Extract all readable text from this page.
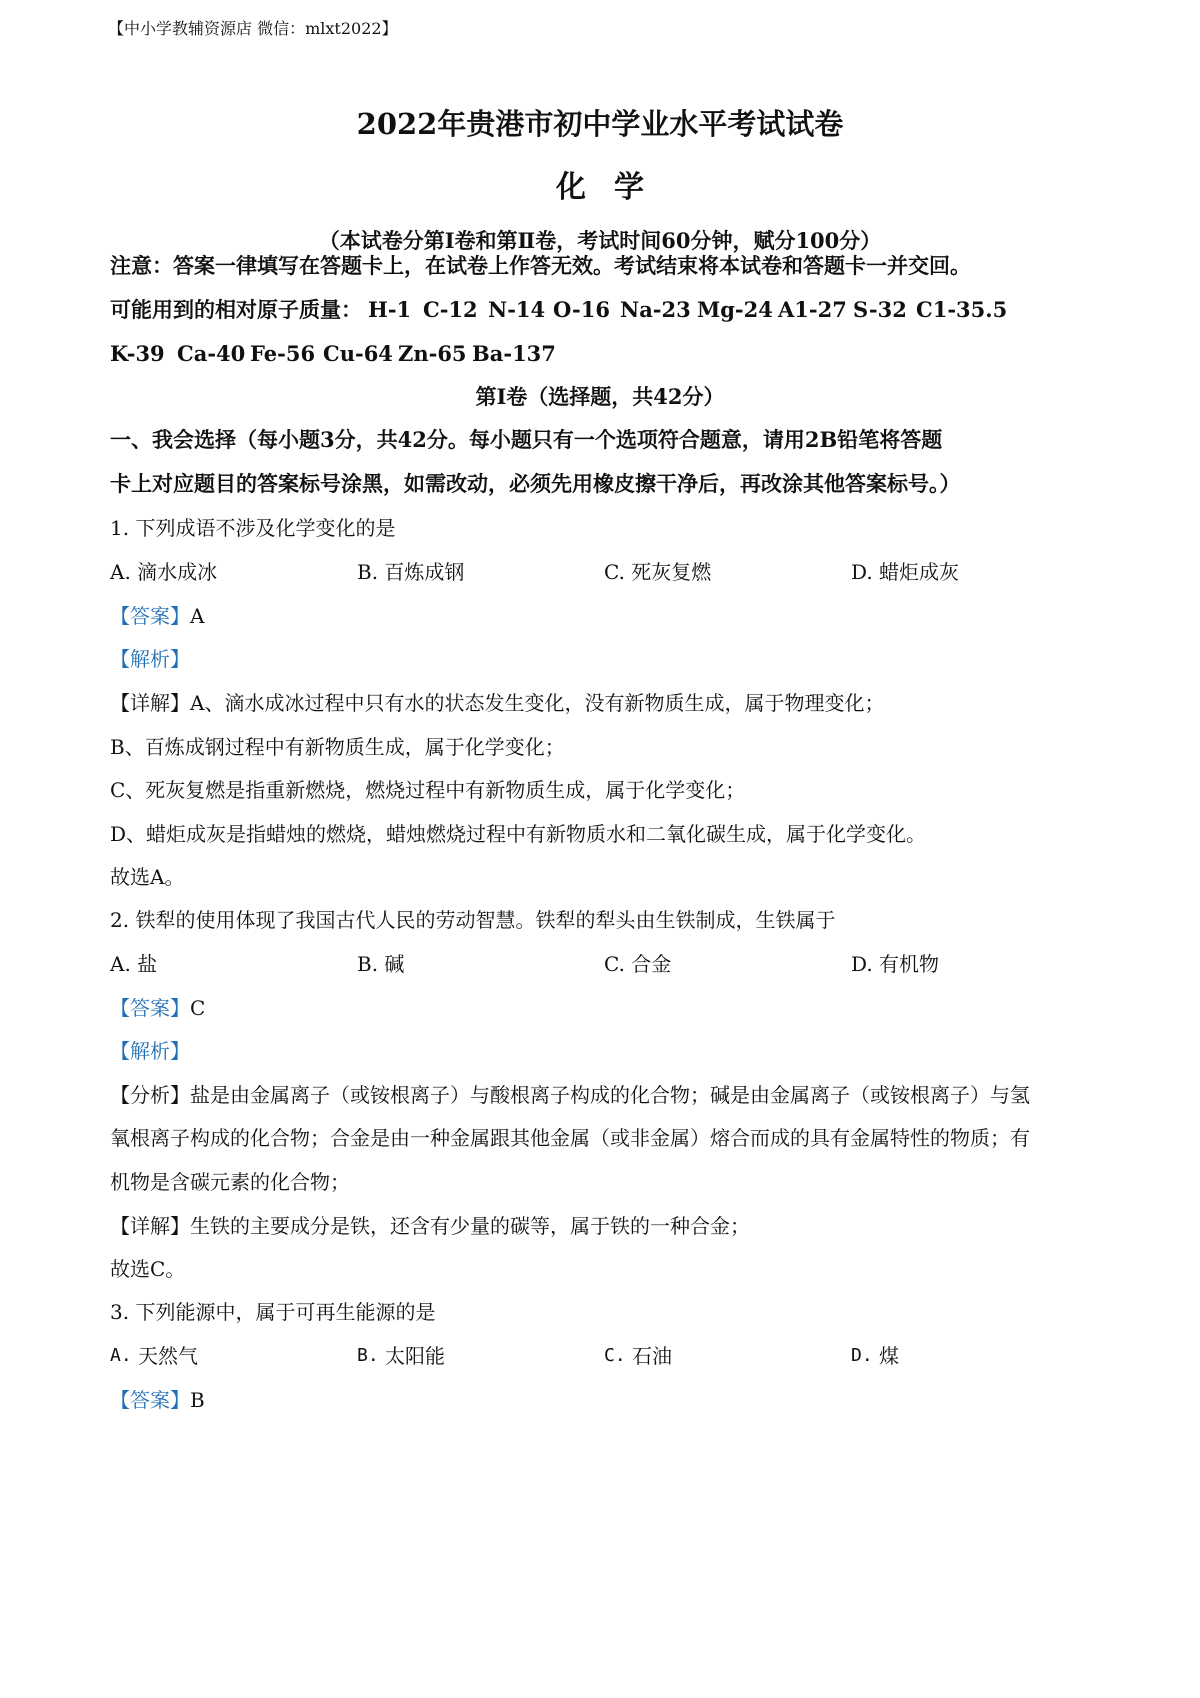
【中小学教辅资源店 微信：mlxt2022】
2022年贵港市初中学业水平考试试卷
化学
（本试卷分第Ⅰ卷和第Ⅱ卷，考试时间60分钟，赋分100分）
注意：答案一律填写在答题卡上，在试卷上作答无效。考试结束将本试卷和答题卡一并交回。
可能用到的相对原子质量： H-1 C-12 N-14 O-16 Na-23 Mg-24 A1-27 S-32 C1-35.5
K-39 Ca-40 Fe-56 Cu-64 Zn-65 Ba-137
第Ⅰ卷（选择题，共42分）
一、我会选择（每小题3分，共42分。每小题只有一个选项符合题意，请用2B铅笔将答题
卡上对应题目的答案标号涂黑，如需改动，必须先用橡皮擦干净后，再改涂其他答案标号。）
1. 下列成语不涉及化学变化的是
A. 滴水成冰	B. 百炼成钢	C. 死灰复燃	D. 蜡炬成灰
【答案】A
【解析】
【详解】A、滴水成冰过程中只有水的状态发生变化，没有新物质生成，属于物理变化；
B、百炼成钢过程中有新物质生成，属于化学变化；
C、死灰复燃是指重新燃烧，燃烧过程中有新物质生成，属于化学变化；
D、蜡炬成灰是指蜡烛的燃烧，蜡烛燃烧过程中有新物质水和二氧化碳生成，属于化学变化。
故选A。
2. 铁犁的使用体现了我国古代人民的劳动智慧。铁犁的犁头由生铁制成，生铁属于
A. 盐	B. 碱	C. 合金	D. 有机物
【答案】C
【解析】
【分析】盐是由金属离子（或铵根离子）与酸根离子构成的化合物；碱是由金属离子（或铵根离子）与氢
氧根离子构成的化合物；合金是由一种金属跟其他金属（或非金属）熔合而成的具有金属特性的物质；有
机物是含碳元素的化合物；
【详解】生铁的主要成分是铁，还含有少量的碳等，属于铁的一种合金；
故选C。
3. 下列能源中，属于可再生能源的是
A. 天然气	B. 太阳能	C. 石油	D. 煤
【答案】B
